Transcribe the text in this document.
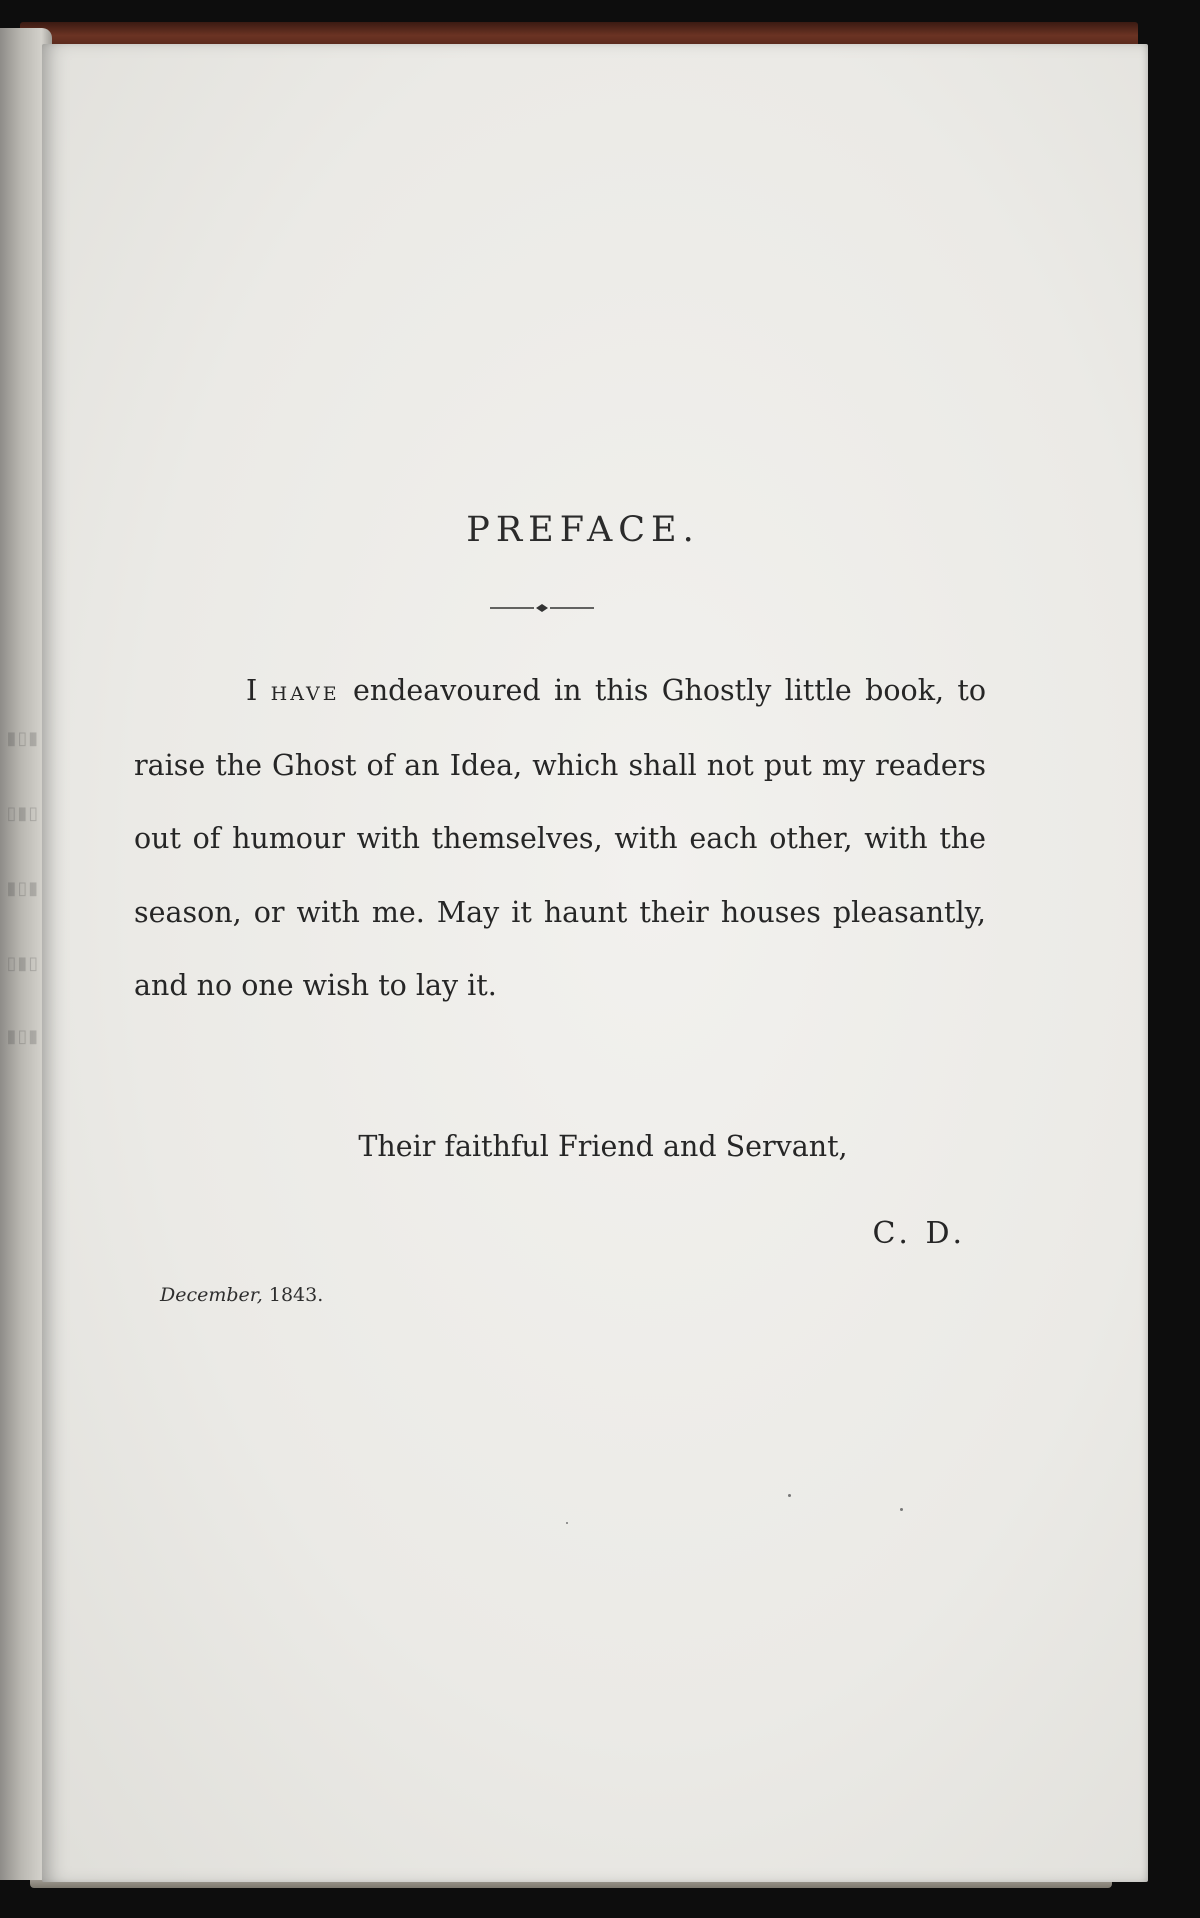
▮▯▮
▯▮▯
▮▯▮
▯▮▯
▮▯▮
PREFACE.

I have endeavoured in this Ghostly little book, to raise the Ghost of an Idea, which shall not put my readers out of humour with themselves, with each other, with the season, or with me. May it haunt their houses pleasantly, and no one wish to lay it.

Their faithful Friend and Servant,

C. D.

December, 1843.
